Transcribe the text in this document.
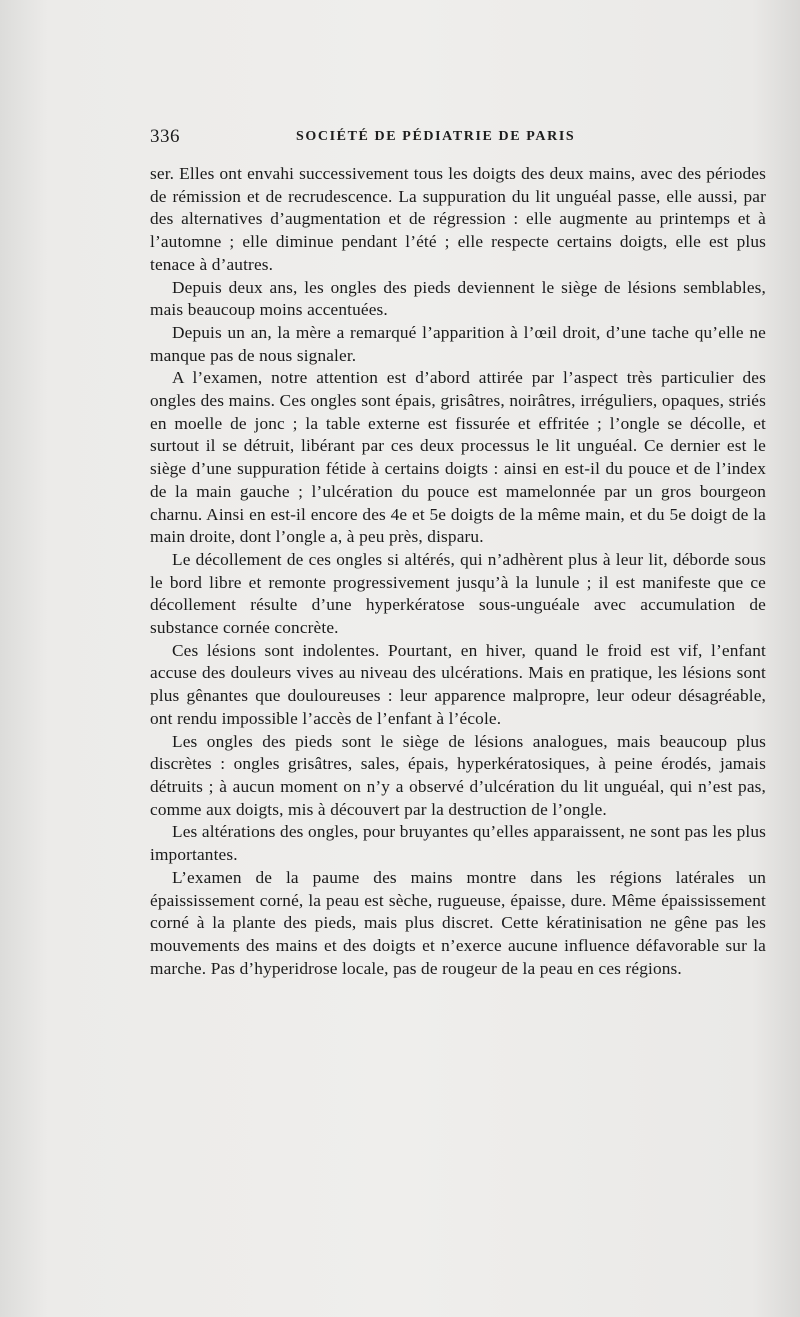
336	SOCIÉTÉ DE PÉDIATRIE DE PARIS

ser. Elles ont envahi successivement tous les doigts des deux mains, avec des périodes de rémission et de recrudescence. La suppuration du lit unguéal passe, elle aussi, par des alternatives d’augmentation et de régression : elle augmente au printemps et à l’automne ; elle diminue pendant l’été ; elle respecte certains doigts, elle est plus tenace à d’autres.

Depuis deux ans, les ongles des pieds deviennent le siège de lésions semblables, mais beaucoup moins accentuées.

Depuis un an, la mère a remarqué l’apparition à l’œil droit, d’une tache qu’elle ne manque pas de nous signaler.

A l’examen, notre attention est d’abord attirée par l’aspect très particulier des ongles des mains. Ces ongles sont épais, grisâtres, noirâtres, irréguliers, opaques, striés en moelle de jonc ; la table externe est fissurée et effritée ; l’ongle se décolle, et surtout il se détruit, libérant par ces deux processus le lit unguéal. Ce dernier est le siège d’une suppuration fétide à certains doigts : ainsi en est-il du pouce et de l’index de la main gauche ; l’ulcération du pouce est mamelonnée par un gros bourgeon charnu. Ainsi en est-il encore des 4e et 5e doigts de la même main, et du 5e doigt de la main droite, dont l’ongle a, à peu près, disparu.

Le décollement de ces ongles si altérés, qui n’adhèrent plus à leur lit, déborde sous le bord libre et remonte progressivement jusqu’à la lunule ; il est manifeste que ce décollement résulte d’une hyperkératose sous-unguéale avec accumulation de substance cornée concrète.

Ces lésions sont indolentes. Pourtant, en hiver, quand le froid est vif, l’enfant accuse des douleurs vives au niveau des ulcérations. Mais en pratique, les lésions sont plus gênantes que douloureuses : leur apparence malpropre, leur odeur désagréable, ont rendu impossible l’accès de l’enfant à l’école.

Les ongles des pieds sont le siège de lésions analogues, mais beaucoup plus discrètes : ongles grisâtres, sales, épais, hyperkératosiques, à peine érodés, jamais détruits ; à aucun moment on n’y a observé d’ulcération du lit unguéal, qui n’est pas, comme aux doigts, mis à découvert par la destruction de l’ongle.

Les altérations des ongles, pour bruyantes qu’elles apparaissent, ne sont pas les plus importantes.

L’examen de la paume des mains montre dans les régions latérales un épaississement corné, la peau est sèche, rugueuse, épaisse, dure. Même épaississement corné à la plante des pieds, mais plus discret. Cette kératinisation ne gêne pas les mouvements des mains et des doigts et n’exerce aucune influence défavorable sur la marche. Pas d’hyperidrose locale, pas de rougeur de la peau en ces régions.
